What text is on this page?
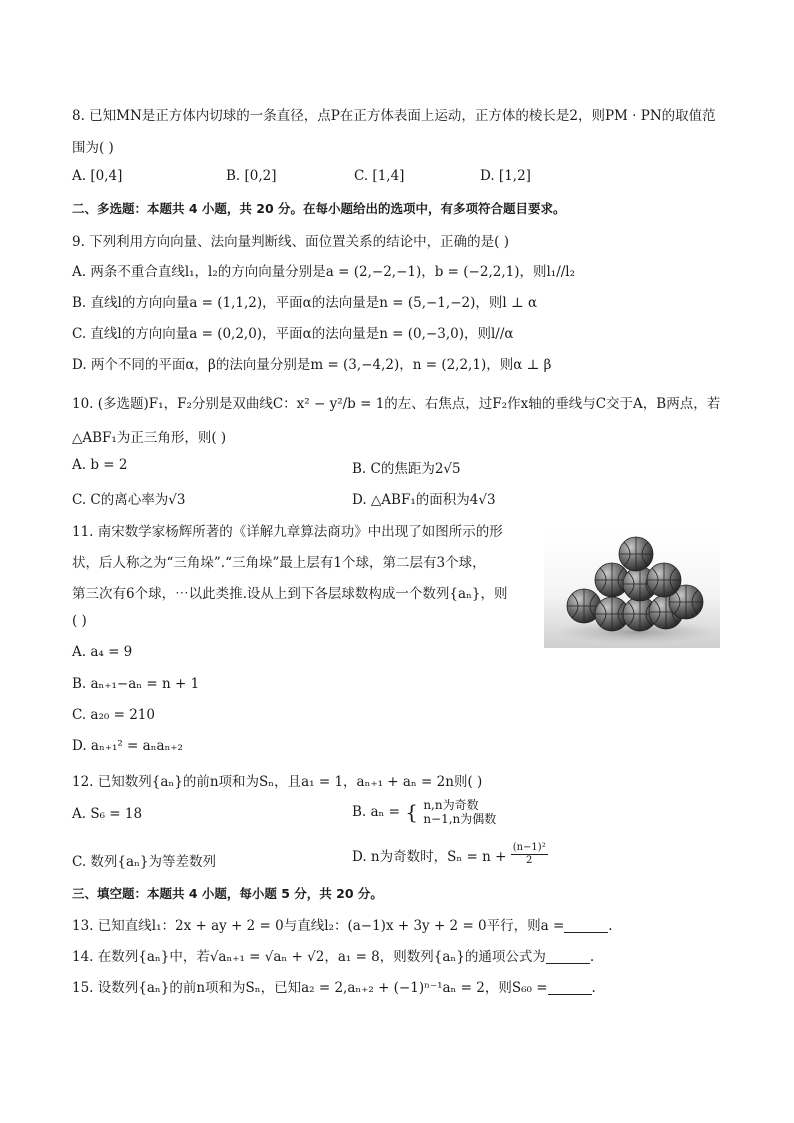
8. 已知MN是正方体内切球的一条直径，点P在正方体表面上运动，正方体的棱长是2，则PM · PN的取值范
围为( )
A. [0,4]	B. [0,2]	C. [1,4]	D. [1,2]
二、多选题：本题共 4 小题，共 20 分。在每小题给出的选项中，有多项符合题目要求。
9. 下列利用方向向量、法向量判断线、面位置关系的结论中，正确的是( )
A. 两条不重合直线l₁，l₂的方向向量分别是a = (2,−2,−1)，b = (−2,2,1)，则l₁//l₂
B. 直线l的方向向量a = (1,1,2)，平面α的法向量是n = (5,−1,−2)，则l ⊥ α
C. 直线l的方向向量a = (0,2,0)，平面α的法向量是n = (0,−3,0)，则l//α
D. 两个不同的平面α，β的法向量分别是m = (3,−4,2)，n = (2,2,1)，则α ⊥ β
10. (多选题)F₁，F₂分别是双曲线C：x² − y²/b = 1的左、右焦点，过F₂作x轴的垂线与C交于A，B两点，若
△ABF₁为正三角形，则( )
A. b = 2	B. C的焦距为2√5
C. C的离心率为√3	D. △ABF₁的面积为4√3
11. 南宋数学家杨辉所著的《详解九章算法商功》中出现了如图所示的形
状，后人称之为“三角垛”.“三角垛”最上层有1个球，第二层有3个球，
第三次有6个球，⋯以此类推.设从上到下各层球数构成一个数列{aₙ}，则
( )
A. a₄ = 9
B. aₙ₊₁−aₙ = n + 1
C. a₂₀ = 210
D. aₙ₊₁² = aₙaₙ₊₂
12. 已知数列{aₙ}的前n项和为Sₙ，且a₁ = 1，aₙ₊₁ + aₙ = 2n则( )
A. S₆ = 18	B. aₙ = { n,n为奇数
n−1,n为偶数
C. 数列{aₙ}为等差数列	D. n为奇数时，$S_n = n + \frac{\text{(n−1)²}}{2}$
三、填空题：本题共 4 小题，每小题 5 分，共 20 分。
13. 已知直线l₁：2x + ay + 2 = 0与直线l₂：(a−1)x + 3y + 2 = 0平行，则a =	.
14. 在数列{aₙ}中，若√aₙ₊₁ = √aₙ + √2，a₁ = 8，则数列{aₙ}的通项公式为	.
15. 设数列{aₙ}的前n项和为Sₙ，已知a₂ = 2,aₙ₊₂ + (−1)ⁿ⁻¹aₙ = 2，则S₆₀ =	.
